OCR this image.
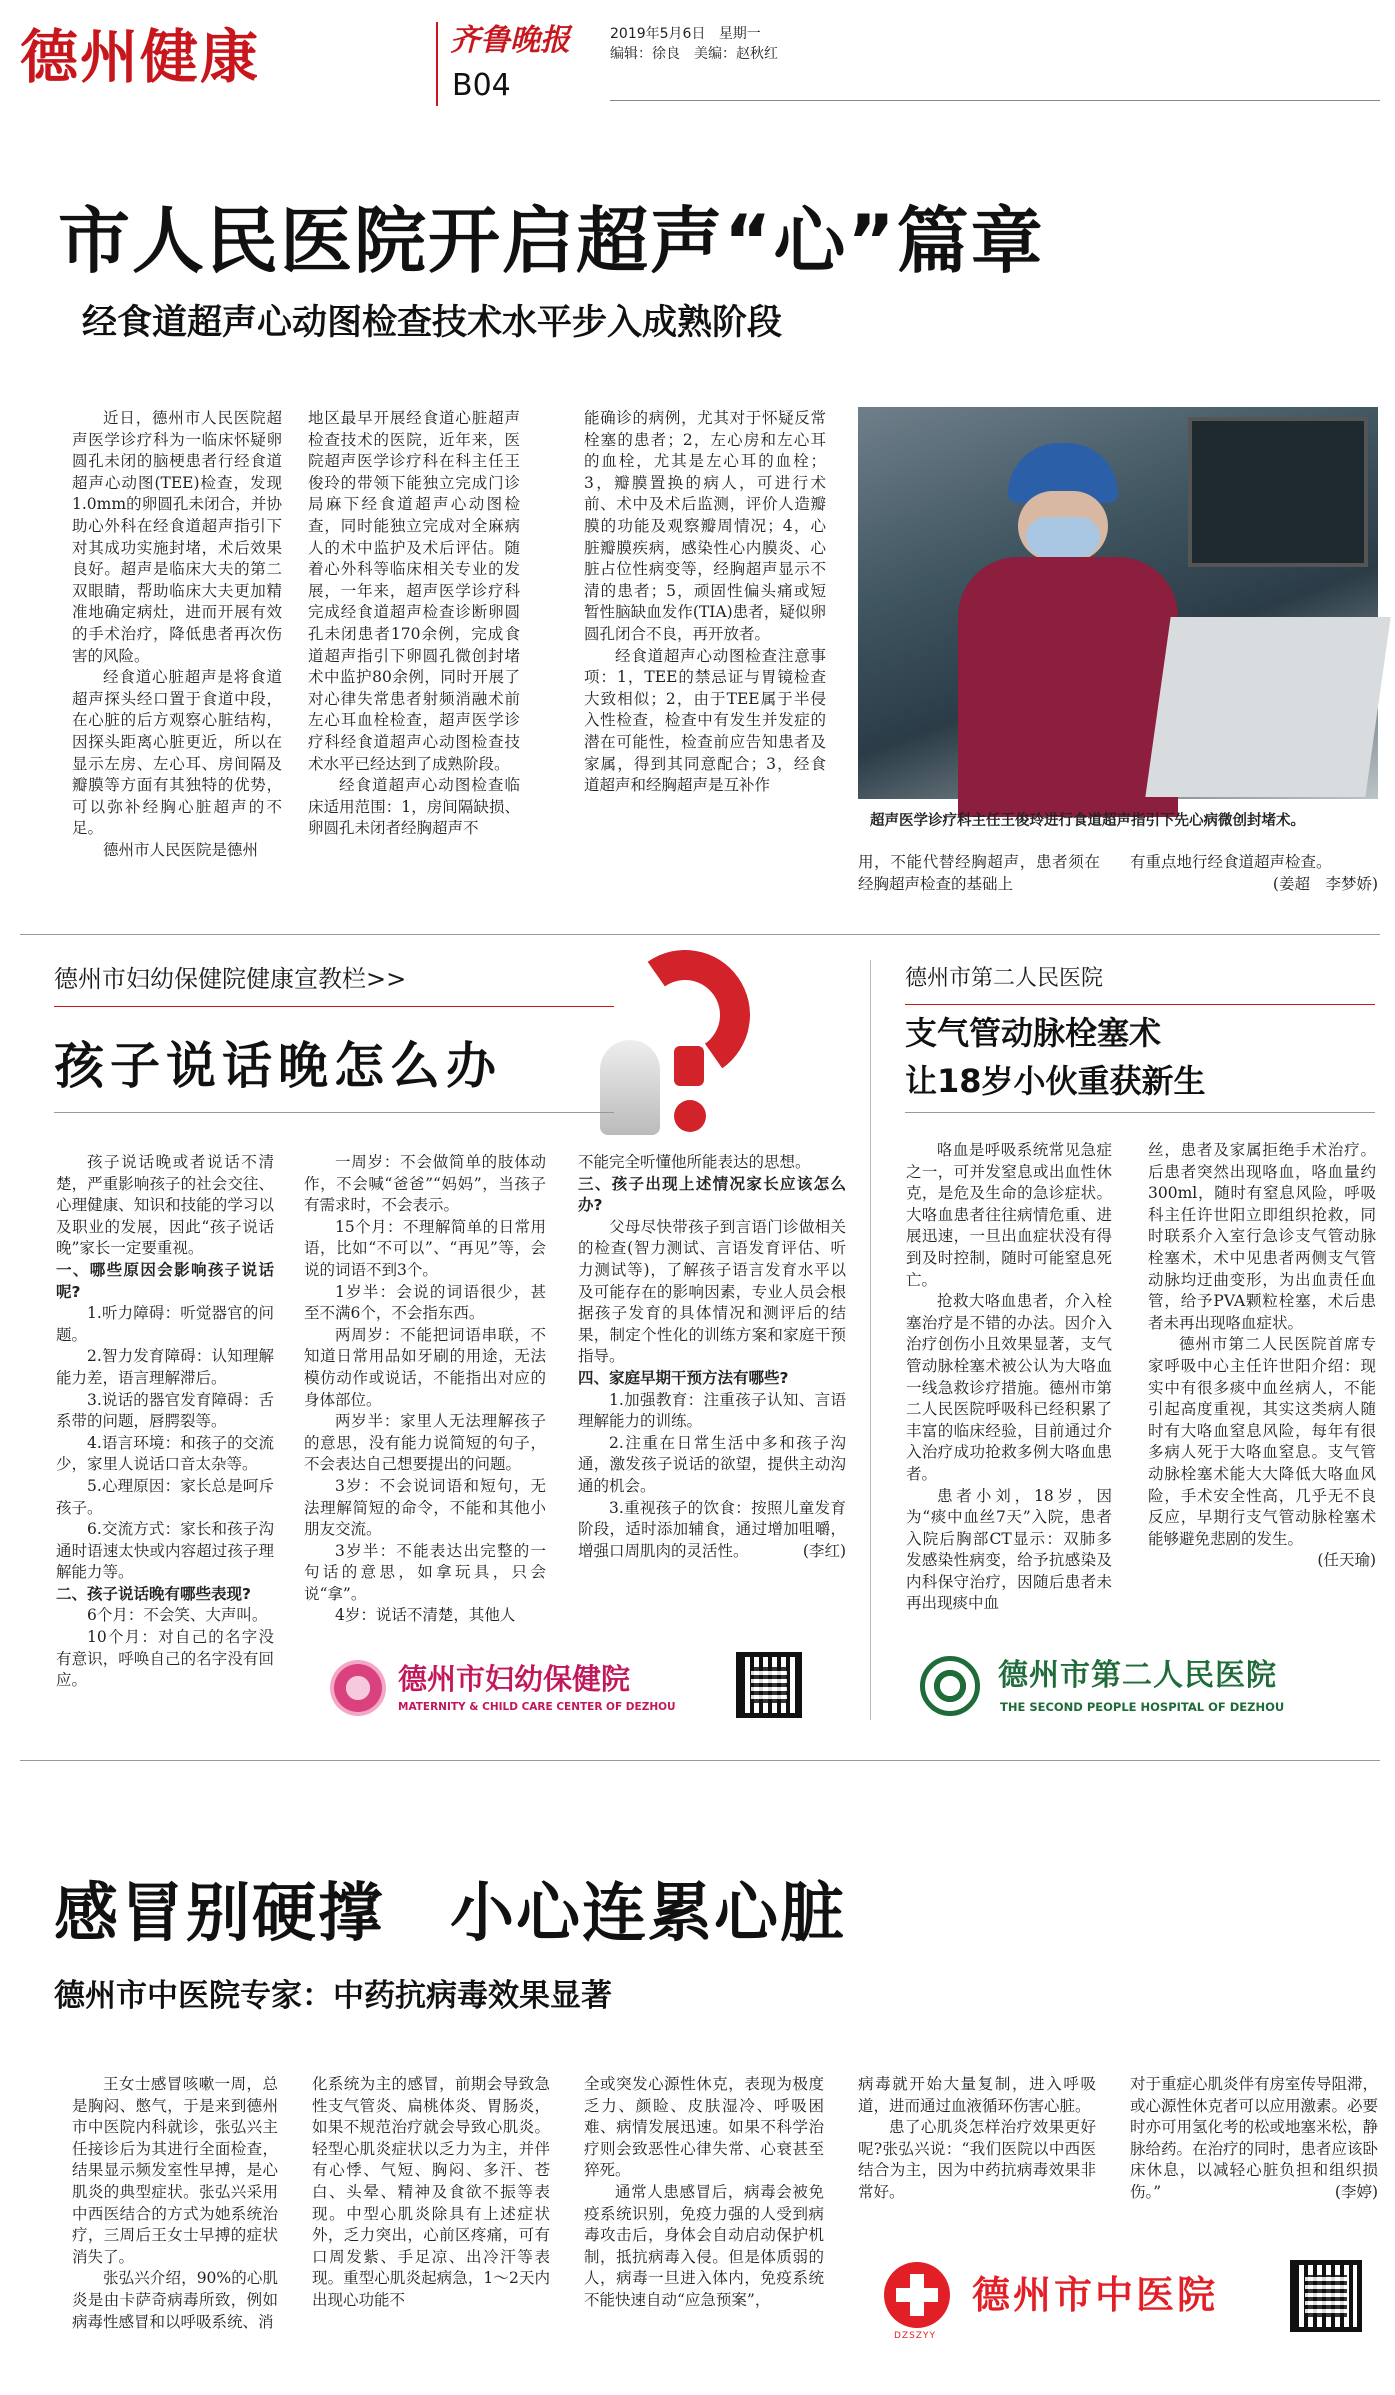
德州健康	齐鲁晚报
B04
2019年5月6日 星期一
编辑：徐良　美编：赵秋红
市人民医院开启超声“心”篇章
经食道超声心动图检查技术水平步入成熟阶段

近日，德州市人民医院超声医学诊疗科为一临床怀疑卵圆孔未闭的脑梗患者行经食道超声心动图(TEE)检查，发现1.0mm的卵圆孔未闭合，并协助心外科在经食道超声指引下对其成功实施封堵，术后效果良好。超声是临床大夫的第二双眼睛，帮助临床大夫更加精准地确定病灶，进而开展有效的手术治疗，降低患者再次伤害的风险。

经食道心脏超声是将食道超声探头经口置于食道中段，在心脏的后方观察心脏结构，因探头距离心脏更近，所以在显示左房、左心耳、房间隔及瓣膜等方面有其独特的优势，可以弥补经胸心脏超声的不足。

德州市人民医院是德州

地区最早开展经食道心脏超声检查技术的医院，近年来，医院超声医学诊疗科在科主任王俊玲的带领下能独立完成门诊局麻下经食道超声心动图检查，同时能独立完成对全麻病人的术中监护及术后评估。随着心外科等临床相关专业的发展，一年来，超声医学诊疗科完成经食道超声检查诊断卵圆孔未闭患者170余例，完成食道超声指引下卵圆孔微创封堵术中监护80余例，同时开展了对心律失常患者射频消融术前左心耳血栓检查，超声医学诊疗科经食道超声心动图检查技术水平已经达到了成熟阶段。

经食道超声心动图检查临床适用范围：1，房间隔缺损、卵圆孔未闭者经胸超声不

能确诊的病例，尤其对于怀疑反常栓塞的患者；2，左心房和左心耳的血栓，尤其是左心耳的血栓；3，瓣膜置换的病人，可进行术前、术中及术后监测，评价人造瓣膜的功能及观察瓣周情况；4，心脏瓣膜疾病，感染性心内膜炎、心脏占位性病变等，经胸超声显示不清的患者；5，顽固性偏头痛或短暂性脑缺血发作(TIA)患者，疑似卵圆孔闭合不良，再开放者。

经食道超声心动图检查注意事项：1，TEE的禁忌证与胃镜检查大致相似；2，由于TEE属于半侵入性检查，检查中有发生并发症的潜在可能性，检查前应告知患者及家属，得到其同意配合；3，经食道超声和经胸超声是互补作

超声医学诊疗科主任王俊玲进行食道超声指引下先心病微创封堵术。

用，不能代替经胸超声，患者须在经胸超声检查的基础上

有重点地行经食道超声检查。

(姜超　李梦娇)

德州市妇幼保健院健康宣教栏>>
孩子说话晚怎么办

孩子说话晚或者说话不清楚，严重影响孩子的社会交往、心理健康、知识和技能的学习以及职业的发展，因此“孩子说话晚”家长一定要重视。

一、哪些原因会影响孩子说话呢?

1.听力障碍：听觉器官的问题。

2.智力发育障碍：认知理解能力差，语言理解滞后。

3.说话的器官发育障碍：舌系带的问题，唇腭裂等。

4.语言环境：和孩子的交流少，家里人说话口音太杂等。

5.心理原因：家长总是呵斥孩子。

6.交流方式：家长和孩子沟通时语速太快或内容超过孩子理解能力等。

二、孩子说话晚有哪些表现?

6个月：不会笑、大声叫。

10个月：对自己的名字没有意识，呼唤自己的名字没有回应。

一周岁：不会做简单的肢体动作，不会喊“爸爸”“妈妈”，当孩子有需求时，不会表示。

15个月：不理解简单的日常用语，比如“不可以”、“再见”等，会说的词语不到3个。

1岁半：会说的词语很少，甚至不满6个，不会指东西。

两周岁：不能把词语串联，不知道日常用品如牙刷的用途，无法模仿动作或说话，不能指出对应的身体部位。

两岁半：家里人无法理解孩子的意思，没有能力说简短的句子，不会表达自己想要提出的问题。

3岁：不会说词语和短句，无法理解简短的命令，不能和其他小朋友交流。

3岁半：不能表达出完整的一句话的意思，如拿玩具，只会说“拿”。

4岁：说话不清楚，其他人

不能完全听懂他所能表达的思想。

三、孩子出现上述情况家长应该怎么办?

父母尽快带孩子到言语门诊做相关的检查(智力测试、言语发育评估、听力测试等)，了解孩子语言发育水平以及可能存在的影响因素，专业人员会根据孩子发育的具体情况和测评后的结果，制定个性化的训练方案和家庭干预指导。

四、家庭早期干预方法有哪些?

1.加强教育：注重孩子认知、言语理解能力的训练。

2.注重在日常生活中多和孩子沟通，激发孩子说话的欲望，提供主动沟通的机会。

3.重视孩子的饮食：按照儿童发育阶段，适时添加辅食，通过增加咀嚼，增强口周肌肉的灵活性。	(李红)

德州市妇幼保健院
MATERNITY & CHILD CARE CENTER OF DEZHOU
德州市第二人民医院
支气管动脉栓塞术
让18岁小伙重获新生

咯血是呼吸系统常见急症之一，可并发窒息或出血性休克，是危及生命的急诊症状。大咯血患者往往病情危重、进展迅速，一旦出血症状没有得到及时控制，随时可能窒息死亡。

抢救大咯血患者，介入栓塞治疗是不错的办法。因介入治疗创伤小且效果显著，支气管动脉栓塞术被公认为大咯血一线急救诊疗措施。德州市第二人民医院呼吸科已经积累了丰富的临床经验，目前通过介入治疗成功抢救多例大咯血患者。

患者小刘，18岁，因为“痰中血丝7天”入院，患者入院后胸部CT显示：双肺多发感染性病变，给予抗感染及内科保守治疗，因随后患者未再出现痰中血

丝，患者及家属拒绝手术治疗。后患者突然出现咯血，咯血量约300ml，随时有窒息风险，呼吸科主任许世阳立即组织抢救，同时联系介入室行急诊支气管动脉栓塞术，术中见患者两侧支气管动脉均迂曲变形，为出血责任血管，给予PVA颗粒栓塞，术后患者未再出现咯血症状。

德州市第二人民医院首席专家呼吸中心主任许世阳介绍：现实中有很多痰中血丝病人，不能引起高度重视，其实这类病人随时有大咯血窒息风险，每年有很多病人死于大咯血窒息。支气管动脉栓塞术能大大降低大咯血风险，手术安全性高，几乎无不良反应，早期行支气管动脉栓塞术能够避免悲剧的发生。
(任天瑜)

德州市第二人民医院
THE SECOND PEOPLE HOSPITAL OF DEZHOU
感冒别硬撑　小心连累心脏
德州市中医院专家：中药抗病毒效果显著

王女士感冒咳嗽一周，总是胸闷、憋气，于是来到德州市中医院内科就诊，张弘兴主任接诊后为其进行全面检查，结果显示频发室性早搏，是心肌炎的典型症状。张弘兴采用中西医结合的方式为她系统治疗，三周后王女士早搏的症状消失了。

张弘兴介绍，90%的心肌炎是由卡萨奇病毒所致，例如病毒性感冒和以呼吸系统、消

化系统为主的感冒，前期会导致急性支气管炎、扁桃体炎、胃肠炎，如果不规范治疗就会导致心肌炎。轻型心肌炎症状以乏力为主，并伴有心悸、气短、胸闷、多汗、苍白、头晕、精神及食欲不振等表现。中型心肌炎除具有上述症状外，乏力突出，心前区疼痛，可有口周发紫、手足凉、出冷汗等表现。重型心肌炎起病急，1～2天内出现心功能不

全或突发心源性休克，表现为极度乏力、颜睑、皮肤湿冷、呼吸困难、病情发展迅速。如果不科学治疗则会致恶性心律失常、心衰甚至猝死。

通常人患感冒后，病毒会被免疫系统识别，免疫力强的人受到病毒攻击后，身体会自动启动保护机制，抵抗病毒入侵。但是体质弱的人，病毒一旦进入体内，免疫系统不能快速自动“应急预案”，

病毒就开始大量复制，进入呼吸道，进而通过血液循环伤害心脏。

患了心肌炎怎样治疗效果更好呢?张弘兴说：“我们医院以中西医结合为主，因为中药抗病毒效果非常好。

对于重症心肌炎伴有房室传导阻滞，或心源性休克者可以应用激素。必要时亦可用氢化考的松或地塞米松，静脉给药。在治疗的同时，患者应该卧床休息，以减轻心脏负担和组织损伤。”	(李婷)

DZSZYY
德州市中医院
